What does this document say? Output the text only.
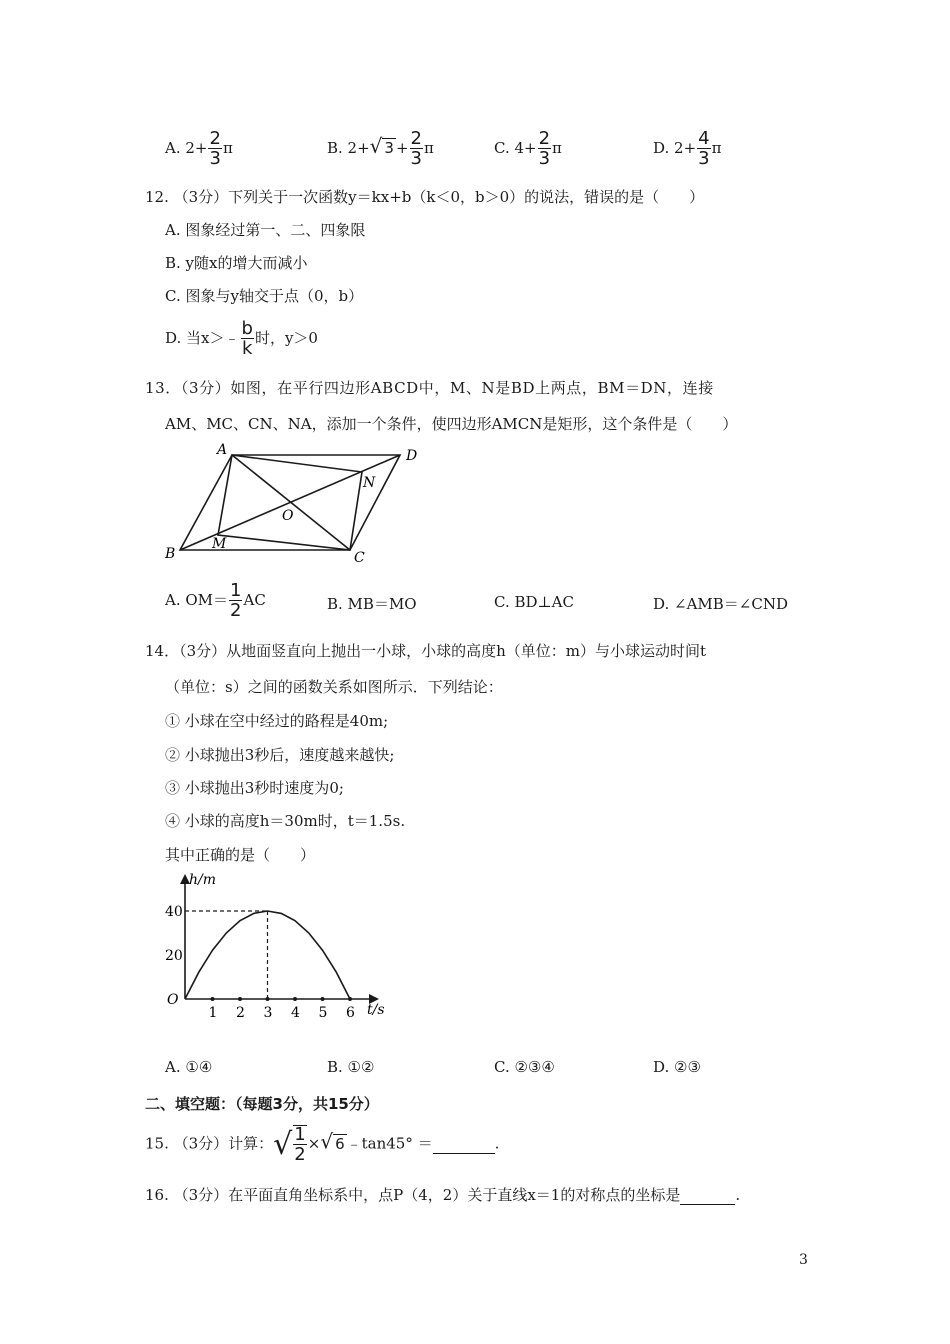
A. $2+ \frac{2}{3}$ π	B. 2+√ $3 + \frac{2}{3}$ π	C. $4+ \frac{2}{3}$ π	D. $2+ \frac{4}{3}$ π
12. （3分）下列关于一次函数y＝kx+b（k＜0，b＞0）的说法，错误的是（　　）
A. 图象经过第一、二、四象限
B. y随x的增大而减小
C. 图象与y轴交于点（0，b）
D. 当x＞﹣ $\frac{b}{k}$ 时，y＞0
13．（3分）如图，在平行四边形ABCD中，M、N是BD上两点，BM＝DN，连接
AM、MC、CN、NA，添加一个条件，使四边形AMCN是矩形，这个条件是（　　）
A	D
B	C
M
N
O
A. $OM= \frac{1}{2}$ AC	B. MB＝MO	C. BD⊥AC	D. ∠AMB＝∠CND
14．（3分）从地面竖直向上抛出一小球，小球的高度h（单位：m）与小球运动时间t
（单位：s）之间的函数关系如图所示．下列结论：
① 小球在空中经过的路程是40m;
② 小球抛出3秒后，速度越来越快;
③ 小球抛出3秒时速度为0;
④ 小球的高度h＝30m时，t＝1.5s.
其中正确的是（　　）
1 2 3 4 5 6
20
40
h/m
t/s
O
A. ①④	B. ①②	C. ②③④	D. ②③
二、填空题：（每题3分，共15分）
15. （3分）计算：√ $\frac{1}{2}$ ×√ 6 ﹣tan45° ＝	.
16. （3分）在平面直角坐标系中，点P（4，2）关于直线x＝1的对称点的坐标是	.
3
